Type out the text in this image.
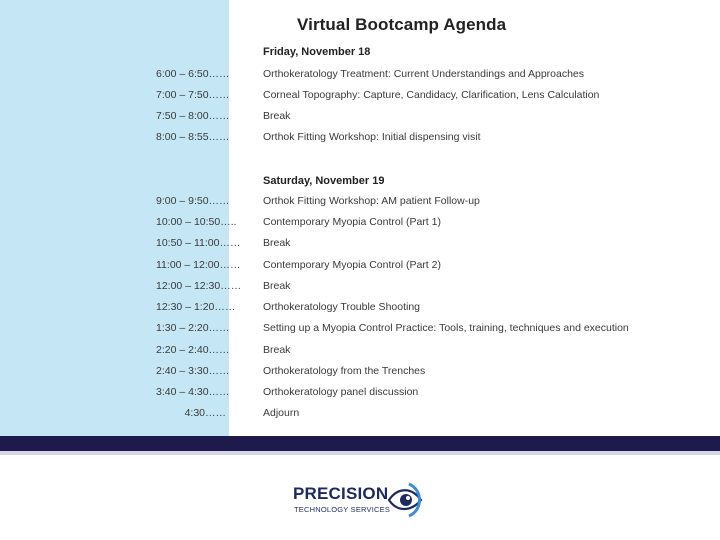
Virtual Bootcamp Agenda
Friday, November 18
6:00 – 6:50……	Orthokeratology Treatment: Current Understandings and Approaches
7:00 – 7:50……	Corneal Topography: Capture, Candidacy, Clarification, Lens Calculation
7:50 – 8:00……	Break
8:00 – 8:55……	Orthok Fitting Workshop: Initial dispensing visit
Saturday, November 19
9:00 – 9:50……	Orthok Fitting Workshop: AM patient Follow-up
10:00 – 10:50…..	Contemporary Myopia Control (Part 1)
10:50 – 11:00…… Break
11:00 – 12:00…… Contemporary Myopia Control (Part 2)
12:00 – 12:30…… Break
12:30 – 1:20……	Orthokeratology Trouble Shooting
1:30 – 2:20……	Setting up a Myopia Control Practice: Tools, training, techniques and execution
2:20 – 2:40……	Break
2:40 – 3:30……	Orthokeratology from the Trenches
3:40 – 4:30……	Orthokeratology panel discussion
4:30……	Adjourn
PRECISION
TECHNOLOGY SERVICES
